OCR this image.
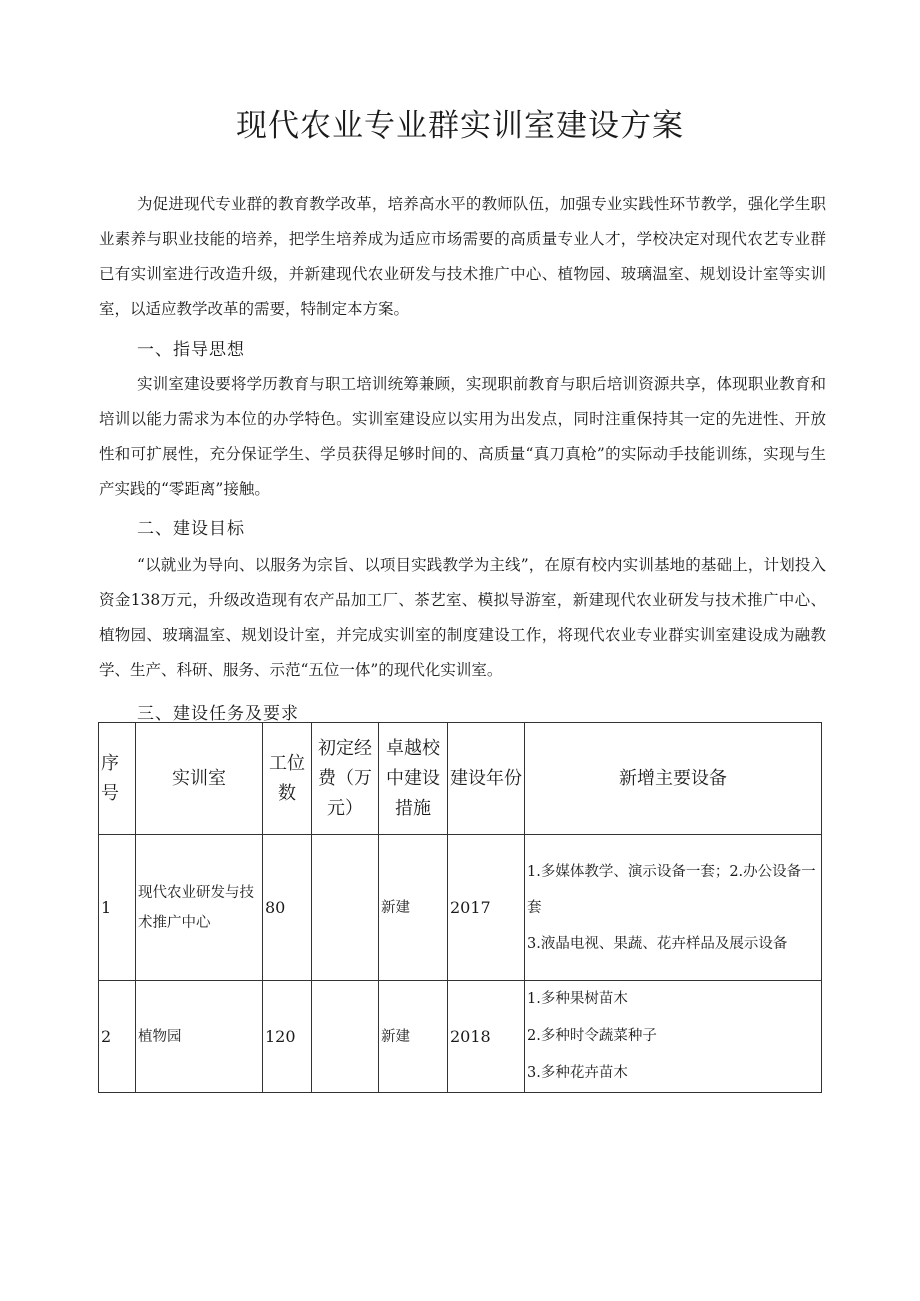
现代农业专业群实训室建设方案

为促进现代专业群的教育教学改革，培养高水平的教师队伍，加强专业实践性环节教学，强化学生职业素养与职业技能的培养，把学生培养成为适应市场需要的高质量专业人才，学校决定对现代农艺专业群已有实训室进行改造升级，并新建现代农业研发与技术推广中心、植物园、玻璃温室、规划设计室等实训室，以适应教学改革的需要，特制定本方案。

一、指导思想

实训室建设要将学历教育与职工培训统筹兼顾，实现职前教育与职后培训资源共享，体现职业教育和培训以能力需求为本位的办学特色。实训室建设应以实用为出发点，同时注重保持其一定的先进性、开放性和可扩展性，充分保证学生、学员获得足够时间的、高质量“真刀真枪”的实际动手技能训练，实现与生产实践的“零距离”接触。

二、建设目标

“以就业为导向、以服务为宗旨、以项目实践教学为主线”，在原有校内实训基地的基础上，计划投入资金138万元，升级改造现有农产品加工厂、茶艺室、模拟导游室，新建现代农业研发与技术推广中心、植物园、玻璃温室、规划设计室，并完成实训室的制度建设工作，将现代农业专业群实训室建设成为融教学、生产、科研、服务、示范“五位一体”的现代化实训室。

三、建设任务及要求
序号	实训室	工位数	初定经费（万元）	卓越校中建设措施	建设年份	新增主要设备
1	现代农业研发与技术推广中心	80		新建	2017	1.多媒体教学、演示设备一套；2.办公设备一套
3.液晶电视、果蔬、花卉样品及展示设备

2	植物园	120		新建	2018	1.多种果树苗木
2.多种时令蔬菜种子
3.多种花卉苗木
